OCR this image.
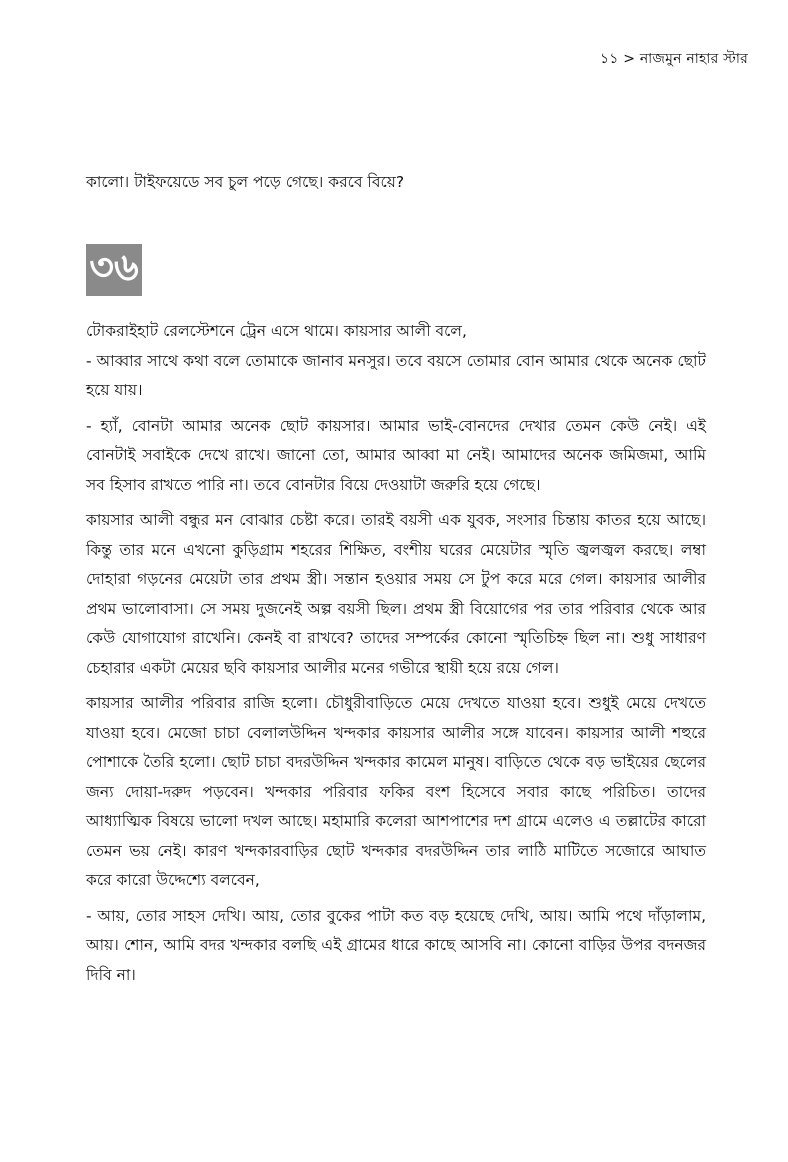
১১ > নাজমুন নাহার স্টার
কালো। টাইফয়েডে সব চুল পড়ে গেছে। করবে বিয়ে?
৩৬

টোকরাইহাট রেলস্টেশনে ট্রেন এসে থামে। কায়সার আলী বলে,
- আব্বার সাথে কথা বলে তোমাকে জানাব মনসুর। তবে বয়সে তোমার বোন আমার থেকে অনেক ছোট হয়ে যায়।

- হ্যাঁ, বোনটা আমার অনেক ছোট কায়সার। আমার ভাই-বোনদের দেখার তেমন কেউ নেই। এই বোনটাই সবাইকে দেখে রাখে। জানো তো, আমার আব্বা মা নেই। আমাদের অনেক জমিজমা, আমি সব হিসাব রাখতে পারি না। তবে বোনটার বিয়ে দেওয়াটা জরুরি হয়ে গেছে।

কায়সার আলী বন্ধুর মন বোঝার চেষ্টা করে। তারই বয়সী এক যুবক, সংসার চিন্তায় কাতর হয়ে আছে। কিন্তু তার মনে এখনো কুড়িগ্রাম শহরের শিক্ষিত, বংশীয় ঘরের মেয়েটার স্মৃতি জ্বলজ্বল করছে। লম্বা দোহারা গড়নের মেয়েটা তার প্রথম স্ত্রী। সন্তান হওয়ার সময় সে টুপ করে মরে গেল। কায়সার আলীর প্রথম ভালোবাসা। সে সময় দুজনেই অল্প বয়সী ছিল। প্রথম স্ত্রী বিয়োগের পর তার পরিবার থেকে আর কেউ যোগাযোগ রাখেনি। কেনই বা রাখবে? তাদের সম্পর্কের কোনো স্মৃতিচিহ্ন ছিল না। শুধু সাধারণ চেহারার একটা মেয়ের ছবি কায়সার আলীর মনের গভীরে স্থায়ী হয়ে রয়ে গেল।

কায়সার আলীর পরিবার রাজি হলো। চৌধুরীবাড়িতে মেয়ে দেখতে যাওয়া হবে। শুধুই মেয়ে দেখতে যাওয়া হবে। মেজো চাচা বেলালউদ্দিন খন্দকার কায়সার আলীর সঙ্গে যাবেন। কায়সার আলী শহুরে পোশাকে তৈরি হলো। ছোট চাচা বদরউদ্দিন খন্দকার কামেল মানুষ। বাড়িতে থেকে বড় ভাইয়ের ছেলের জন্য দোয়া-দরুদ পড়বেন। খন্দকার পরিবার ফকির বংশ হিসেবে সবার কাছে পরিচিত। তাদের আধ্যাত্মিক বিষয়ে ভালো দখল আছে। মহামারি কলেরা আশপাশের দশ গ্রামে এলেও এ তল্লাটের কারো তেমন ভয় নেই। কারণ খন্দকারবাড়ির ছোট খন্দকার বদরউদ্দিন তার লাঠি মাটিতে সজোরে আঘাত করে কারো উদ্দেশ্যে বলবেন,

- আয়, তোর সাহস দেখি। আয়, তোর বুকের পাটা কত বড় হয়েছে দেখি, আয়। আমি পথে দাঁড়ালাম, আয়। শোন, আমি বদর খন্দকার বলছি এই গ্রামের ধারে কাছে আসবি না। কোনো বাড়ির উপর বদনজর দিবি না।
